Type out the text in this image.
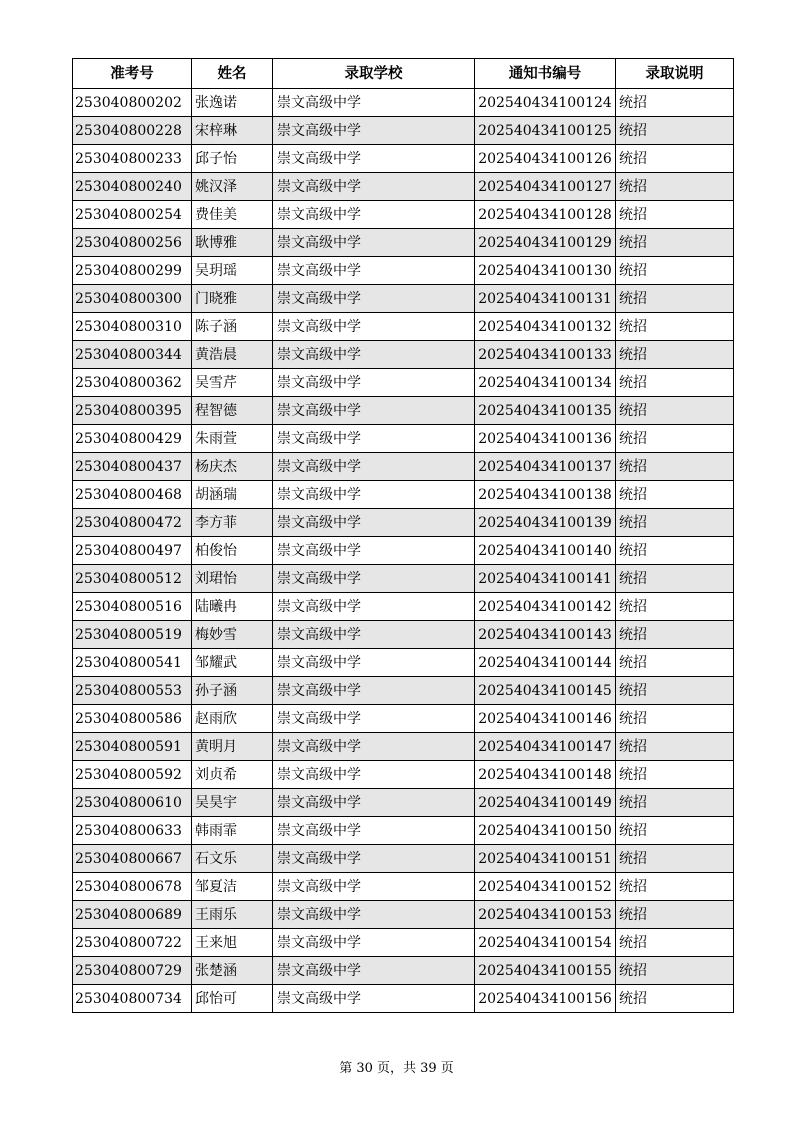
准考号	姓名	录取学校	通知书编号	录取说明
253040800202	张逸诺	崇文高级中学	202540434100124	统招
253040800228	宋梓琳	崇文高级中学	202540434100125	统招
253040800233	邱子怡	崇文高级中学	202540434100126	统招
253040800240	姚汉泽	崇文高级中学	202540434100127	统招
253040800254	费佳美	崇文高级中学	202540434100128	统招
253040800256	耿博雅	崇文高级中学	202540434100129	统招
253040800299	吴玥瑶	崇文高级中学	202540434100130	统招
253040800300	门晓雅	崇文高级中学	202540434100131	统招
253040800310	陈子涵	崇文高级中学	202540434100132	统招
253040800344	黄浩晨	崇文高级中学	202540434100133	统招
253040800362	吴雪芹	崇文高级中学	202540434100134	统招
253040800395	程智德	崇文高级中学	202540434100135	统招
253040800429	朱雨萱	崇文高级中学	202540434100136	统招
253040800437	杨庆杰	崇文高级中学	202540434100137	统招
253040800468	胡涵瑞	崇文高级中学	202540434100138	统招
253040800472	李方菲	崇文高级中学	202540434100139	统招
253040800497	柏俊怡	崇文高级中学	202540434100140	统招
253040800512	刘珺怡	崇文高级中学	202540434100141	统招
253040800516	陆曦冉	崇文高级中学	202540434100142	统招
253040800519	梅妙雪	崇文高级中学	202540434100143	统招
253040800541	邹耀武	崇文高级中学	202540434100144	统招
253040800553	孙子涵	崇文高级中学	202540434100145	统招
253040800586	赵雨欣	崇文高级中学	202540434100146	统招
253040800591	黄明月	崇文高级中学	202540434100147	统招
253040800592	刘贞希	崇文高级中学	202540434100148	统招
253040800610	吴昊宇	崇文高级中学	202540434100149	统招
253040800633	韩雨霏	崇文高级中学	202540434100150	统招
253040800667	石文乐	崇文高级中学	202540434100151	统招
253040800678	邹夏洁	崇文高级中学	202540434100152	统招
253040800689	王雨乐	崇文高级中学	202540434100153	统招
253040800722	王来旭	崇文高级中学	202540434100154	统招
253040800729	张楚涵	崇文高级中学	202540434100155	统招
253040800734	邱怡可	崇文高级中学	202540434100156	统招
第 30 页，共 39 页
